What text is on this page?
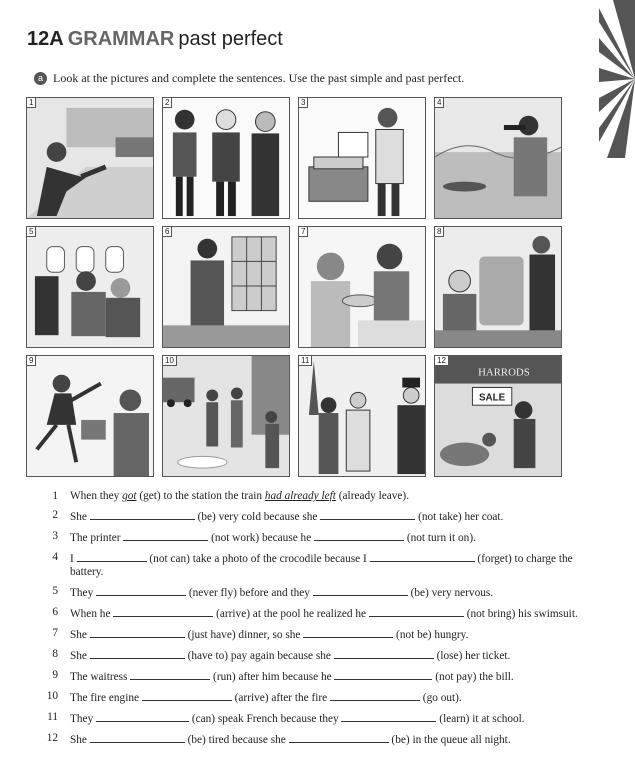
12A GRAMMAR past perfect
a Look at the pictures and complete the sentences. Use the past simple and past perfect.
1	2	3	4
5	6	7	8
9	10	11	12
HARRODS
SALE
1	When they got (get) to the station the train had already left (already leave).
2	She	(be) very cold because she	(not take) her coat.
3	The printer	(not work) because he	(not turn it on).
4	I	(not can) take a photo of the crocodile because I	(forget) to charge the battery.
5	They	(never fly) before and they	(be) very nervous.
6	When he	(arrive) at the pool he realized he	(not bring) his swimsuit.
7	She	(just have) dinner, so she	(not be) hungry.
8	She	(have to) pay again because she	(lose) her ticket.
9	The waitress	(run) after him because he	(not pay) the bill.
10	The fire engine	(arrive) after the fire	(go out).
11	They	(can) speak French because they	(learn) it at school.
12	She	(be) tired because she	(be) in the queue all night.
